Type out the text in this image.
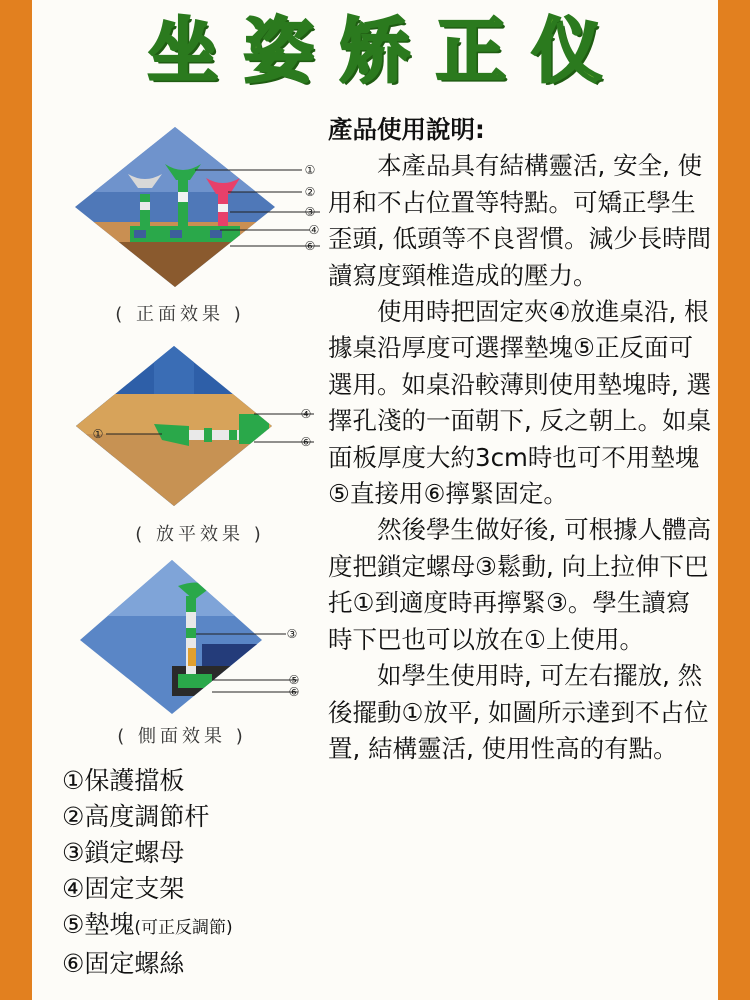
坐 姿 矫 正 仪
①
②
③
④
⑥
( 正面效果 )
①
④
⑥
( 放平效果 )
③
⑤
⑥
( 側面效果 )
①保護擋板
②高度調節杆
③鎖定螺母
④固定支架
⑤墊塊(可正反調節)
⑥固定螺絲
產品使用說明:

本產品具有結構靈活, 安全, 使用和不占位置等特點。可矯正學生歪頭, 低頭等不良習慣。減少長時間讀寫度頸椎造成的壓力。

使用時把固定夾④放進桌沿, 根據桌沿厚度可選擇墊塊⑤正反面可選用。如桌沿較薄則使用墊塊時, 選擇孔淺的一面朝下, 反之朝上。如桌面板厚度大約3cm時也可不用墊塊⑤直接用⑥擰緊固定。

然後學生做好後, 可根據人體高度把鎖定螺母③鬆動, 向上拉伸下巴托①到適度時再擰緊③。學生讀寫時下巴也可以放在①上使用。

如學生使用時, 可左右擺放, 然後擺動①放平, 如圖所示達到不占位置, 結構靈活, 使用性高的有點。
